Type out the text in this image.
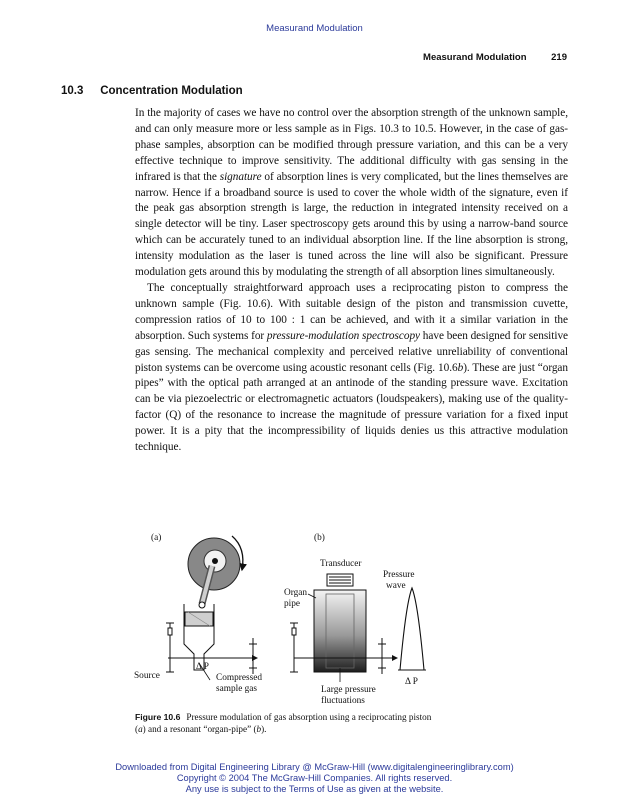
Measurand Modulation
Measurand Modulation	219
10.3 Concentration Modulation

In the majority of cases we have no control over the absorption strength of the unknown sample, and can only measure more or less sample as in Figs. 10.3 to 10.5. However, in the case of gas-phase samples, absorption can be modified through pressure variation, and this can be a very effective technique to improve sensitivity. The additional difficulty with gas sensing in the infrared is that the signature of absorption lines is very complicated, but the lines themselves are narrow. Hence if a broadband source is used to cover the whole width of the signature, even if the peak gas absorption strength is large, the reduction in integrated intensity received on a single detector will be tiny. Laser spectroscopy gets around this by using a narrow-band source which can be accurately tuned to an individual absorption line. If the line absorption is strong, intensity modulation as the laser is tuned across the line will also be significant. Pressure modulation gets around this by modulating the strength of all absorption lines simultaneously.

The conceptually straightforward approach uses a reciprocating piston to compress the unknown sample (Fig. 10.6). With suitable design of the piston and transmission cuvette, compression ratios of 10 to 100 : 1 can be achieved, and with it a similar variation in the absorption. Such systems for pressure-modulation spectroscopy have been designed for sensitive gas sensing. The mechanical complexity and perceived relative unreliability of conventional piston systems can be overcome using acoustic resonant cells (Fig. 10.6b). These are just “organ pipes” with the optical path arranged at an antinode of the standing pressure wave. Excitation can be via piezoelectric or electromagnetic actuators (loudspeakers), making use of the quality-factor (Q) of the resonance to increase the magnitude of pressure variation for a fixed input power. It is a pity that the incompressibility of liquids denies us this attractive modulation technique.

(a)	(b)
Source
Δ P
Compressed
sample gas
Transducer
Organ
pipe
Pressure
wave
Δ P
Large pressure
fluctuations
Figure 10.6 Pressure modulation of gas absorption using a reciprocating piston (a) and a resonant “organ-pipe” (b).
Downloaded from Digital Engineering Library @ McGraw-Hill (www.digitalengineeringlibrary.com)
Copyright © 2004 The McGraw-Hill Companies. All rights reserved.
Any use is subject to the Terms of Use as given at the website.
